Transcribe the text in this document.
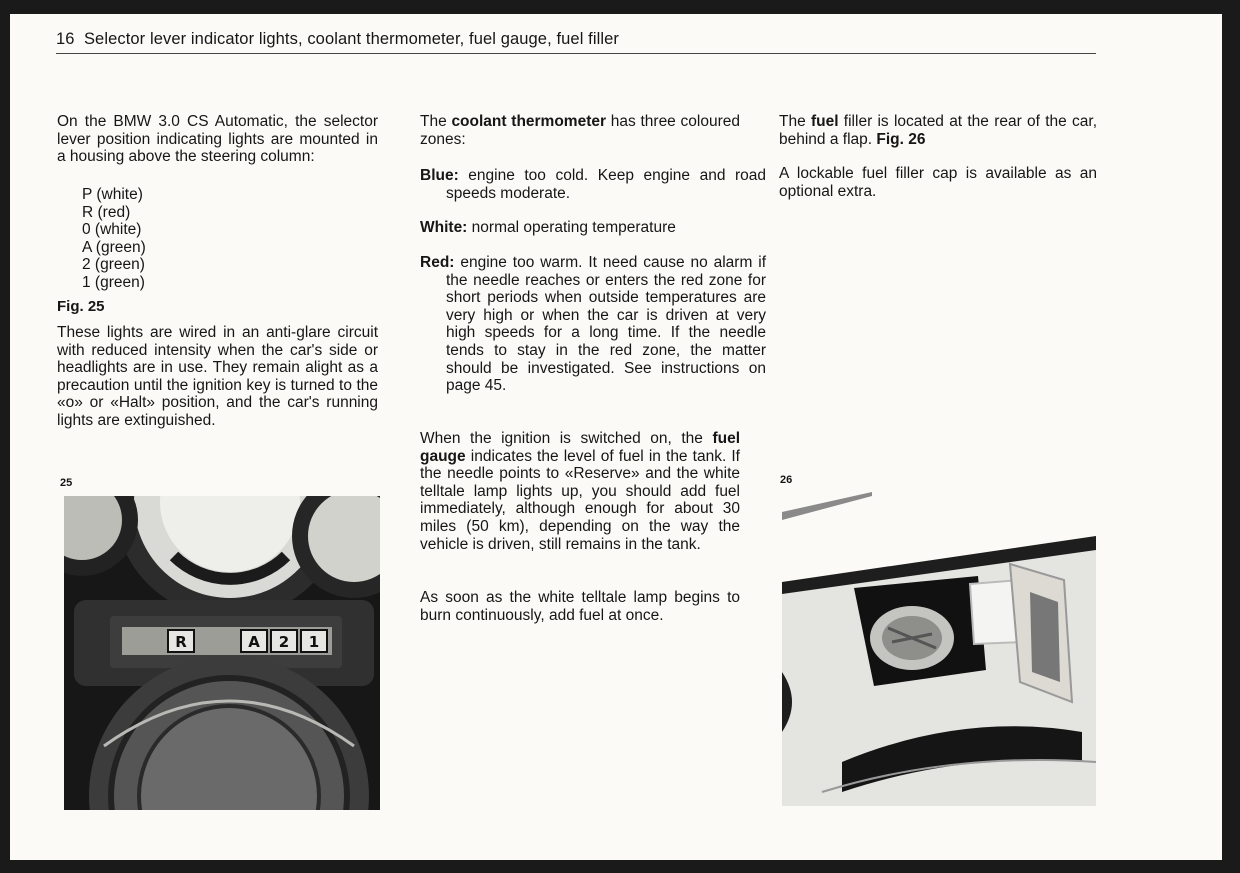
16 Selector lever indicator lights, coolant thermometer, fuel gauge, fuel filler

On the BMW 3.0 CS Automatic, the selector lever position indicating lights are mounted in a housing above the steering column:

P (white)
R (red)
0 (white)
A (green)
2 (green)
1 (green)
Fig. 25

These lights are wired in an anti-glare circuit with reduced intensity when the car's side or headlights are in use. They remain alight as a precaution until the ignition key is turned to the «o» or «Halt» position, and the car's running lights are extinguished.

25
R	A 2 1

The coolant thermometer has three coloured zones:

Blue: engine too cold. Keep engine and road speeds moderate.

White: normal operating temperature

Red: engine too warm. It need cause no alarm if the needle reaches or enters the red zone for short periods when outside temperatures are very high or when the car is driven at very high speeds for a long time. If the needle tends to stay in the red zone, the matter should be investigated. See instructions on page 45.

When the ignition is switched on, the fuel gauge indicates the level of fuel in the tank. If the needle points to «Reserve» and the white telltale lamp lights up, you should add fuel immediately, although enough for about 30 miles (50 km), depending on the way the vehicle is driven, still remains in the tank.

As soon as the white telltale lamp begins to burn continuously, add fuel at once.

The fuel filler is located at the rear of the car, behind a flap. Fig. 26

A lockable fuel filler cap is available as an optional extra.

26
